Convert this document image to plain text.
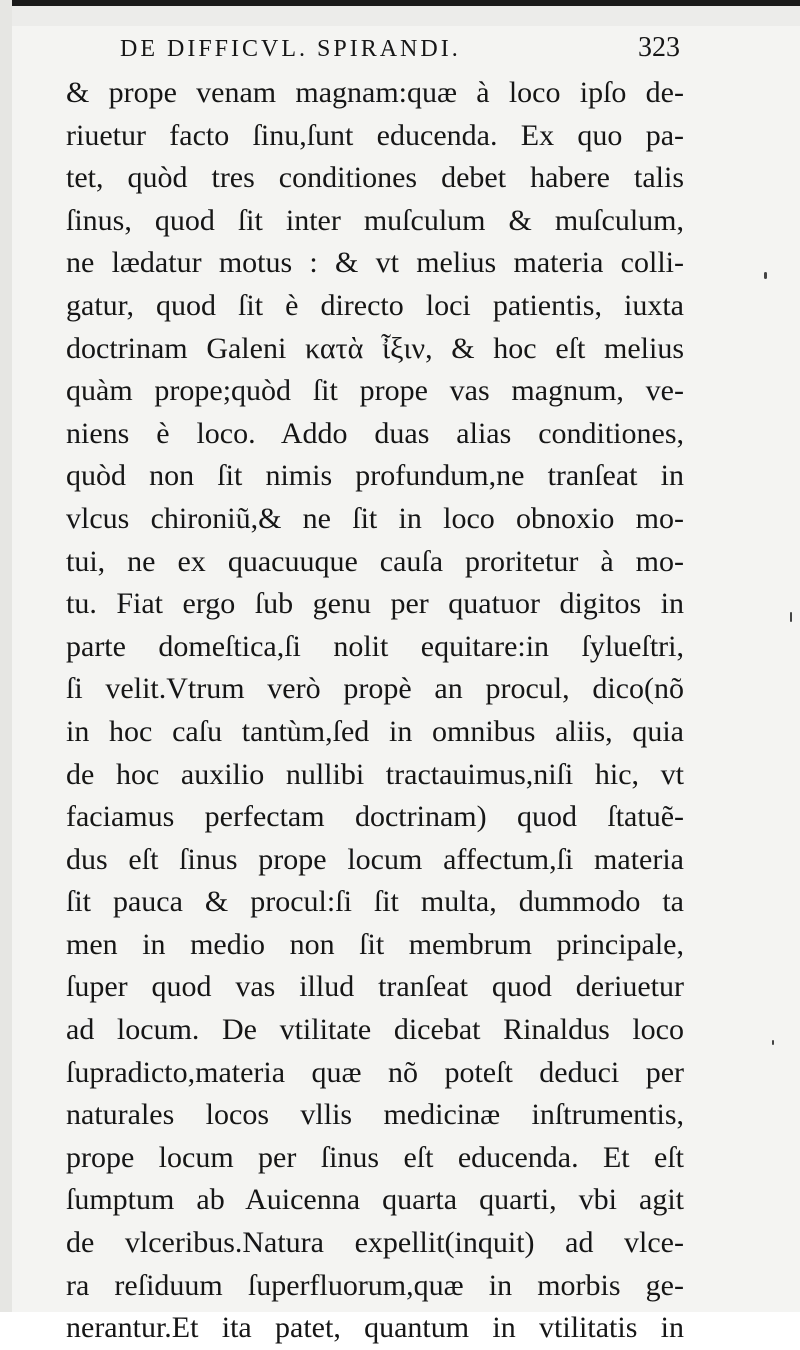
DE DIFFICVL. SPIRANDI.	323
& prope venam magnam:quæ à loco ipſo de-
riuetur facto ſinu,ſunt educenda. Ex quo pa-
tet, quòd tres conditiones debet habere talis
ſinus, quod ſit inter muſculum & muſculum,
ne lædatur motus : & vt melius materia colli-
gatur, quod ſit è directo loci patientis, iuxta
doctrinam Galeni κατὰ ἶξιν, & hoc eſt melius
quàm prope;quòd ſit prope vas magnum, ve-
niens è loco. Addo duas alias conditiones,
quòd non ſit nimis profundum,ne tranſeat in
vlcus chironiũ,& ne ſit in loco obnoxio mo-
tui, ne ex quacuuque cauſa proritetur à mo-
tu. Fiat ergo ſub genu per quatuor digitos in
parte domeſtica,ſi nolit equitare:in ſylueſtri,
ſi velit.Vtrum verò propè an procul, dico(nõ
in hoc caſu tantùm,ſed in omnibus aliis, quia
de hoc auxilio nullibi tractauimus,niſi hic, vt
faciamus perfectam doctrinam) quod ſtatuẽ-
dus eſt ſinus prope locum affectum,ſi materia
ſit pauca & procul:ſi ſit multa, dummodo ta
men in medio non ſit membrum principale,
ſuper quod vas illud tranſeat quod deriuetur
ad locum. De vtilitate dicebat Rinaldus loco
ſupradicto,materia quæ nõ poteſt deduci per
naturales locos vllis medicinæ inſtrumentis,
prope locum per ſinus eſt educenda. Et eſt
ſumptum ab Auicenna quarta quarti, vbi agit
de vlceribus.Natura expellit(inquit) ad vlce-
ra reſiduum ſuperfluorum,quæ in morbis ge-
nerantur.Et ita patet, quantum in vtilitatis in
